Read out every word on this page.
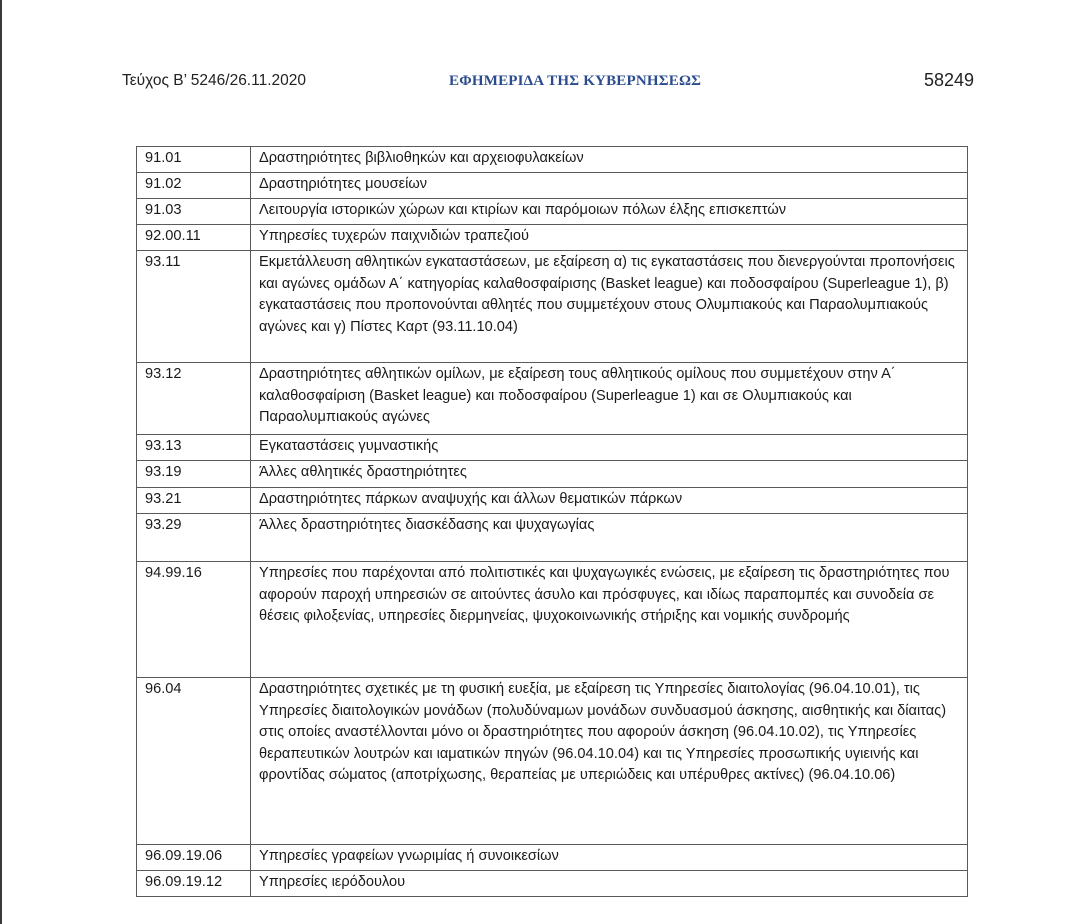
Τεύχος Β’ 5246/26.11.2020	ΕΦΗΜΕΡΙΔΑ ΤΗΣ ΚΥΒΕΡΝΗΣΕΩΣ	58249
91.01	Δραστηριότητες βιβλιοθηκών και αρχειοφυλακείων
91.02	Δραστηριότητες μουσείων
91.03	Λειτουργία ιστορικών χώρων και κτιρίων και παρόμοιων πόλων έλξης επισκεπτών
92.00.11	Υπηρεσίες τυχερών παιχνιδιών τραπεζιού
93.11	Εκμετάλλευση αθλητικών εγκαταστάσεων, με εξαίρεση α) τις εγκαταστάσεις που διενεργούνται προπονήσεις και αγώνες ομάδων Α΄ κατηγορίας καλαθοσφαίρισης (Basket league) και ποδοσφαίρου (Superleague 1), β) εγκαταστάσεις που προπονούνται αθλητές που συμμετέχουν στους Ολυμπιακούς και Παραολυμπιακούς αγώνες και γ) Πίστες Καρτ (93.11.10.04)
93.12	Δραστηριότητες αθλητικών ομίλων, με εξαίρεση τους αθλητικούς ομίλους που συμμετέχουν στην Α΄ καλαθοσφαίριση (Basket league) και ποδοσφαίρου (Superleague 1) και σε Ολυμπιακούς και Παραολυμπιακούς αγώνες
93.13	Εγκαταστάσεις γυμναστικής
93.19	Άλλες αθλητικές δραστηριότητες
93.21	Δραστηριότητες πάρκων αναψυχής και άλλων θεματικών πάρκων
93.29	Άλλες δραστηριότητες διασκέδασης και ψυχαγωγίας
94.99.16	Υπηρεσίες που παρέχονται από πολιτιστικές και ψυχαγωγικές ενώσεις, με εξαίρεση τις δραστηριότητες που αφορούν παροχή υπηρεσιών σε αιτούντες άσυλο και πρόσφυγες, και ιδίως παραπομπές και συνοδεία σε θέσεις φιλοξενίας, υπηρεσίες διερμηνείας, ψυχοκοινωνικής στήριξης και νομικής συνδρομής
96.04	Δραστηριότητες σχετικές με τη φυσική ευεξία, με εξαίρεση τις Υπηρεσίες διαιτολογίας (96.04.10.01), τις Υπηρεσίες διαιτολογικών μονάδων (πολυδύναμων μονάδων συνδυασμού άσκησης, αισθητικής και δίαιτας) στις οποίες αναστέλλονται μόνο οι δραστηριότητες που αφορούν άσκηση (96.04.10.02), τις Υπηρεσίες θεραπευτικών λουτρών και ιαματικών πηγών (96.04.10.04) και τις Υπηρεσίες προσωπικής υγιεινής και φροντίδας σώματος (αποτρίχωσης, θεραπείας με υπεριώδεις και υπέρυθρες ακτίνες) (96.04.10.06)
96.09.19.06	Υπηρεσίες γραφείων γνωριμίας ή συνοικεσίων
96.09.19.12	Υπηρεσίες ιερόδουλου
